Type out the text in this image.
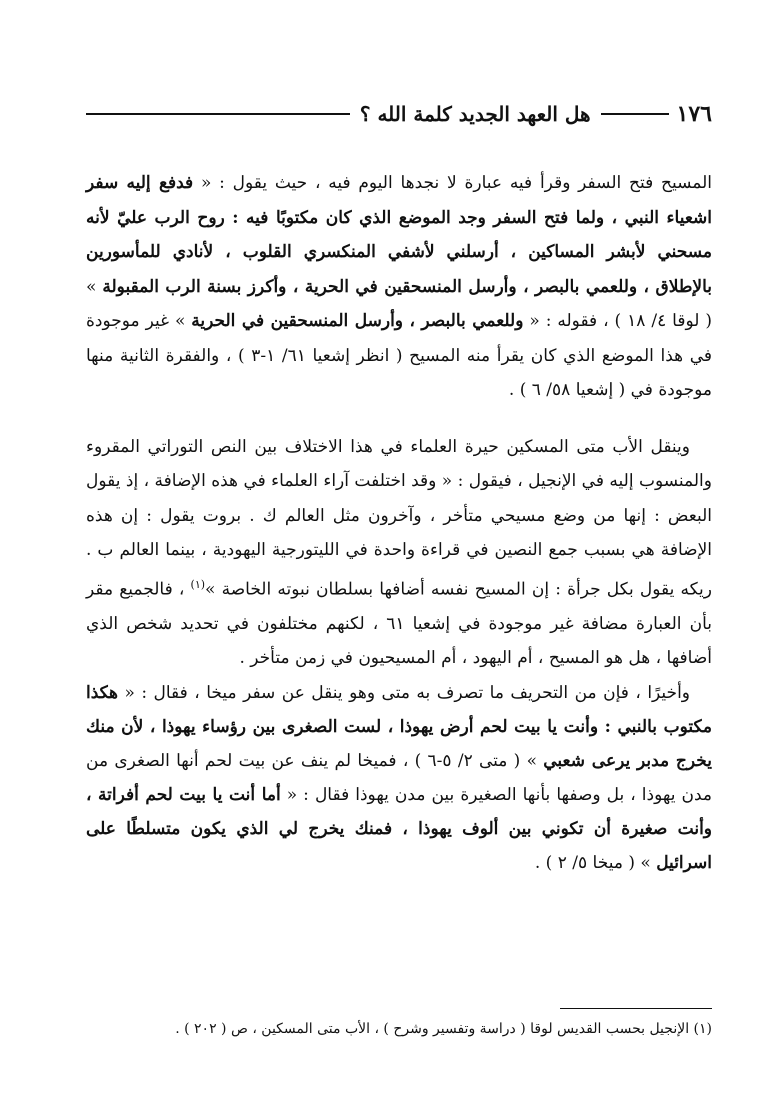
١٧٦
هل العهد الجديد كلمة الله ؟

المسيح فتح السفر وقرأ فيه عبارة لا نجدها اليوم فيه ، حيث يقول : « فدفع إليه سفر اشعياء النبي ، ولما فتح السفر وجد الموضع الذي كان مكتوبًا فيه : روح الرب عليّ لأنه مسحني لأبشر المساكين ، أرسلني لأشفي المنكسري القلوب ، لأنادي للمأسورين بالإطلاق ، وللعمي بالبصر ، وأرسل المنسحقين في الحرية ، وأكرز بسنة الرب المقبولة » ( لوقا ٤/ ١٨ ) ، فقوله : « وللعمي بالبصر ، وأرسل المنسحقين في الحرية » غير موجودة في هذا الموضع الذي كان يقرأ منه المسيح ( انظر إشعيا ٦١/ ١-٣ ) ، والفقرة الثانية منها موجودة في ( إشعيا ٥٨/ ٦ ) .

وينقل الأب متى المسكين حيرة العلماء في هذا الاختلاف بين النص التوراتي المقروء والمنسوب إليه في الإنجيل ، فيقول : « وقد اختلفت آراء العلماء في هذه الإضافة ، إذ يقول البعض : إنها من وضع مسيحي متأخر ، وآخرون مثل العالم ك . بروت يقول : إن هذه الإضافة هي بسبب جمع النصين في قراءة واحدة في الليتورجية اليهودية ، بينما العالم ب . ريكه يقول بكل جرأة : إن المسيح نفسه أضافها بسلطان نبوته الخاصة »$^{(١)}$ ، فالجميع مقر بأن العبارة مضافة غير موجودة في إشعيا ٦١ ، لكنهم مختلفون في تحديد شخص الذي أضافها ، هل هو المسيح ، أم اليهود ، أم المسيحيون في زمن متأخر .

وأخيرًا ، فإن من التحريف ما تصرف به متى وهو ينقل عن سفر ميخا ، فقال : « هكذا مكتوب بالنبي : وأنت يا بيت لحم أرض يهوذا ، لست الصغرى بين رؤساء يهوذا ، لأن منك يخرج مدبر يرعى شعبي » ( متى ٢/ ٥-٦ ) ، فميخا لم ينف عن بيت لحم أنها الصغرى من مدن يهوذا ، بل وصفها بأنها الصغيرة بين مدن يهوذا فقال : « أما أنت يا بيت لحم أفراتة ، وأنت صغيرة أن تكوني بين ألوف يهوذا ، فمنك يخرج لي الذي يكون متسلطًا على اسرائيل » ( ميخا ٥/ ٢ ) .

(١) الإنجيل بحسب القديس لوقا ( دراسة وتفسير وشرح ) ، الأب متى المسكين ، ص ( ٢٠٢ ) .
